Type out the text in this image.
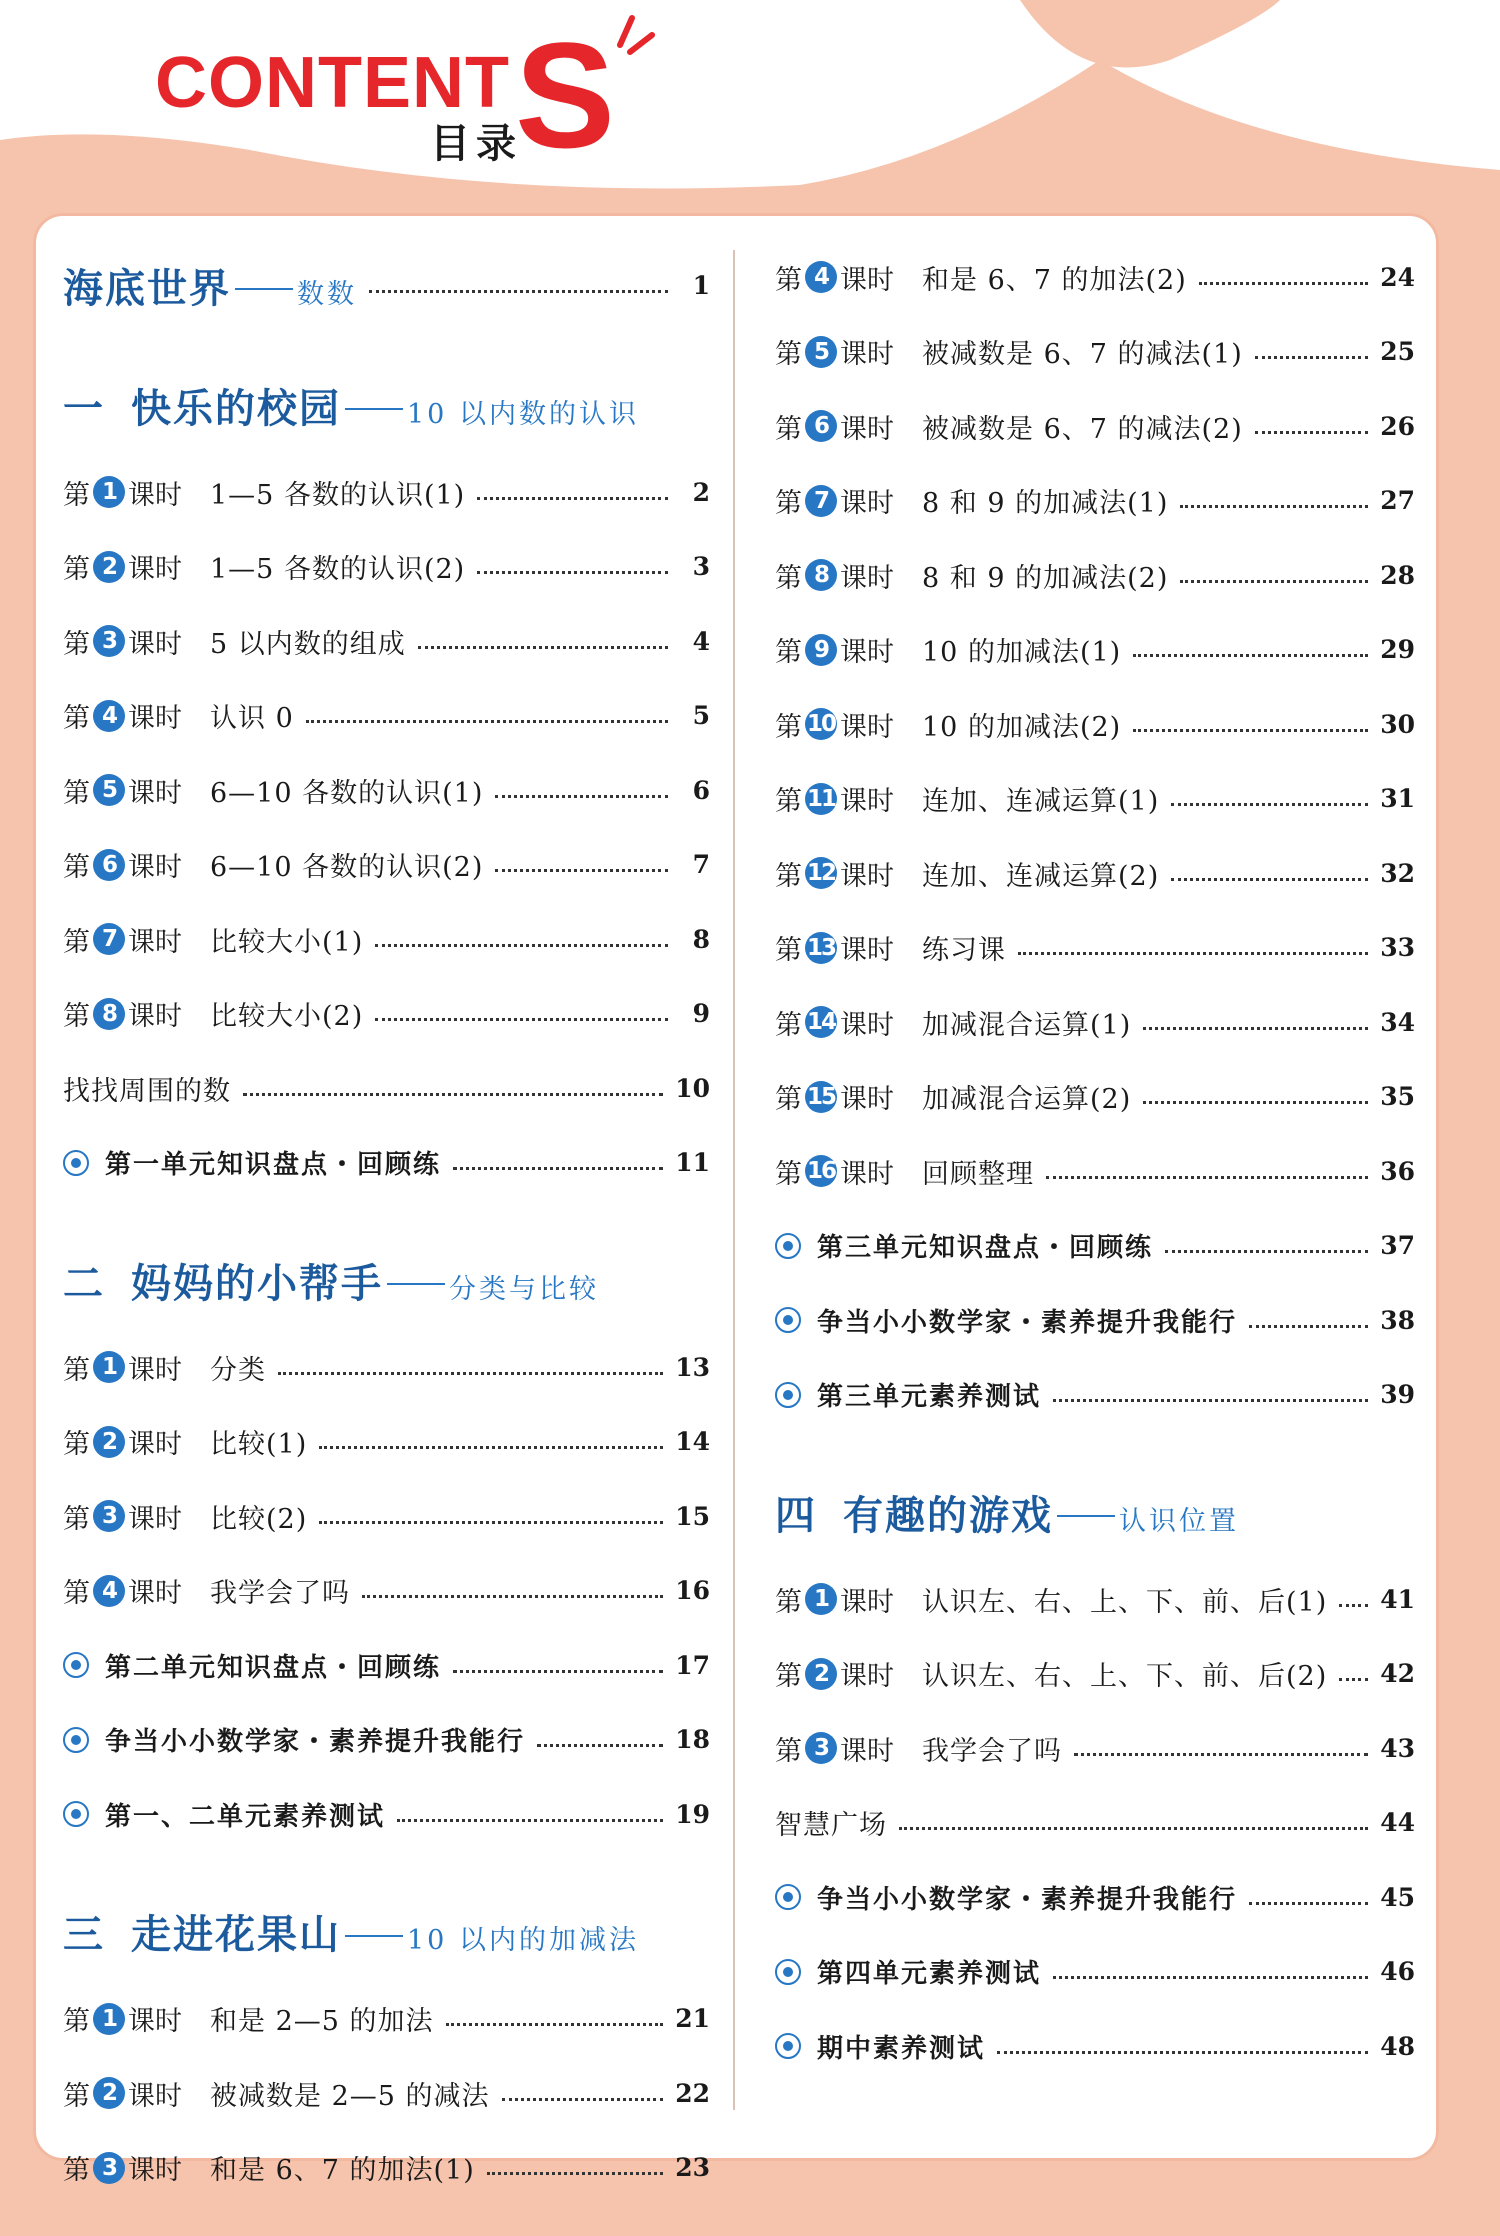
CONTENT S
目录
海底世界 数数	1
一 快乐的校园 10 以内数的认识
第 1 课时 1—5 各数的认识(1)	2
第 2 课时 1—5 各数的认识(2)	3
第 3 课时 5 以内数的组成	4
第 4 课时 认识 0	5
第 5 课时 6—10 各数的认识(1)	6
第 6 课时 6—10 各数的认识(2)	7
第 7 课时 比较大小(1)	8
第 8 课时 比较大小(2)	9
找找周围的数	10
第一单元知识盘点・回顾练	11
二 妈妈的小帮手 分类与比较
第 1 课时 分类	13
第 2 课时 比较(1)	14
第 3 课时 比较(2)	15
第 4 课时 我学会了吗	16
第二单元知识盘点・回顾练	17
争当小小数学家・素养提升我能行	18
第一、二单元素养测试	19
三 走进花果山 10 以内的加减法
第 1 课时 和是 2—5 的加法	21
第 2 课时 被减数是 2—5 的减法	22
第 3 课时 和是 6、7 的加法(1)	23
第 4 课时 和是 6、7 的加法(2)	24
第 5 课时 被减数是 6、7 的减法(1)	25
第 6 课时 被减数是 6、7 的减法(2)	26
第 7 课时 8 和 9 的加减法(1)	27
第 8 课时 8 和 9 的加减法(2)	28
第 9 课时 10 的加减法(1)	29
第 10 课时 10 的加减法(2)	30
第 11 课时 连加、连减运算(1)	31
第 12 课时 连加、连减运算(2)	32
第 13 课时 练习课	33
第 14 课时 加减混合运算(1)	34
第 15 课时 加减混合运算(2)	35
第 16 课时 回顾整理	36
第三单元知识盘点・回顾练	37
争当小小数学家・素养提升我能行	38
第三单元素养测试	39
四 有趣的游戏 认识位置
第 1 课时 认识左、右、上、下、前、后(1) 41
第 2 课时 认识左、右、上、下、前、后(2) 42
第 3 课时 我学会了吗	43
智慧广场	44
争当小小数学家・素养提升我能行	45
第四单元素养测试	46
期中素养测试	48
